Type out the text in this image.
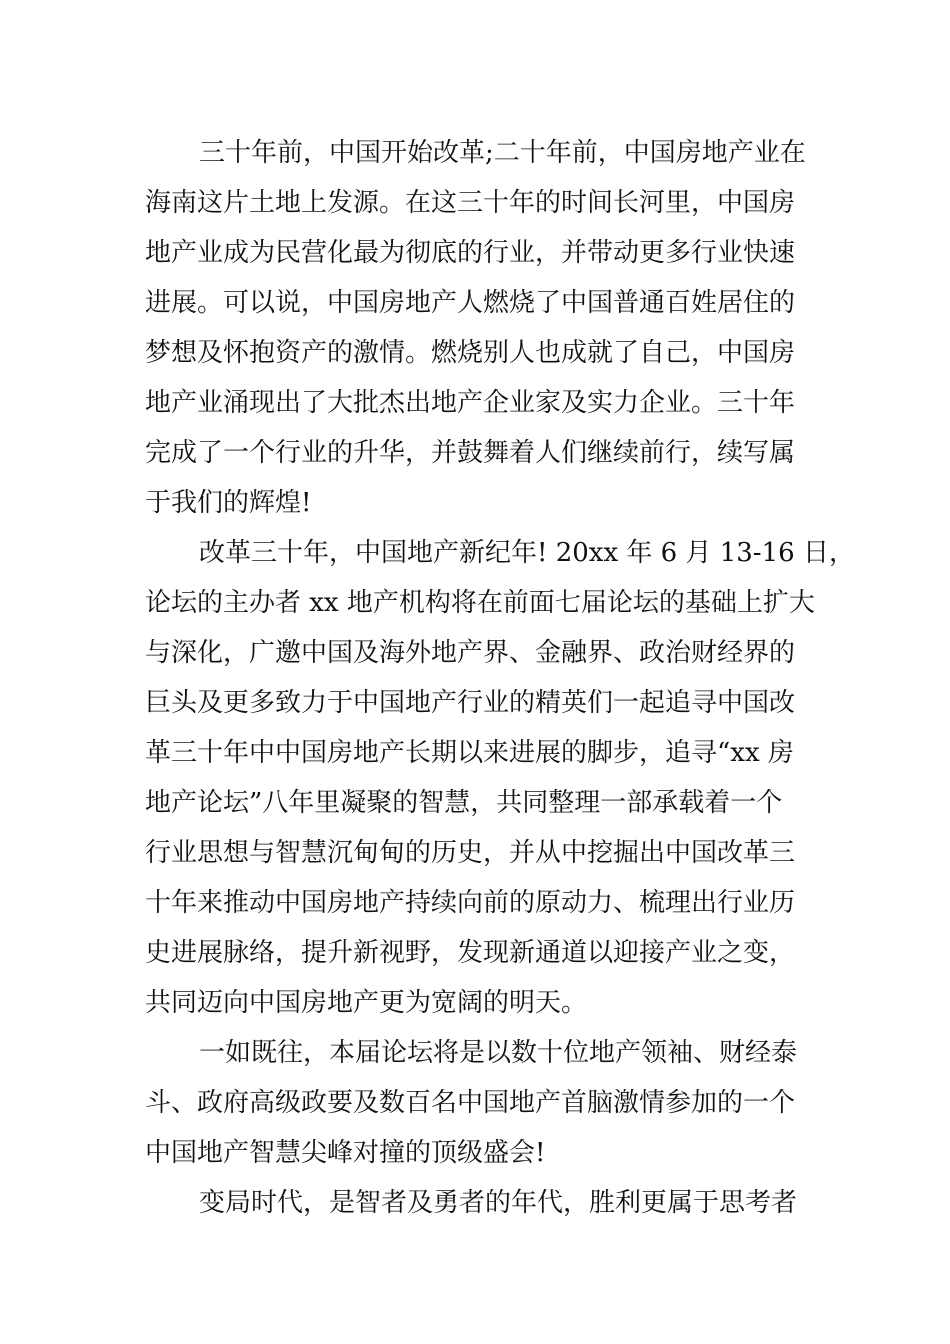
三十年前，中国开始改革;二十年前，中国房地产业在
海南这片土地上发源。在这三十年的时间长河里，中国房
地产业成为民营化最为彻底的行业，并带动更多行业快速
进展。可以说，中国房地产人燃烧了中国普通百姓居住的
梦想及怀抱资产的激情。燃烧别人也成就了自己，中国房
地产业涌现出了大批杰出地产企业家及实力企业。三十年
完成了一个行业的升华，并鼓舞着人们继续前行，续写属
于我们的辉煌!
改革三十年，中国地产新纪年! 20xx 年 6 月 13-16 日，
论坛的主办者 xx 地产机构将在前面七届论坛的基础上扩大
与深化，广邀中国及海外地产界、金融界、政治财经界的
巨头及更多致力于中国地产行业的精英们一起追寻中国改
革三十年中中国房地产长期以来进展的脚步，追寻“xx 房
地产论坛”八年里凝聚的智慧，共同整理一部承载着一个
行业思想与智慧沉甸甸的历史，并从中挖掘出中国改革三
十年来推动中国房地产持续向前的原动力、梳理出行业历
史进展脉络，提升新视野，发现新通道以迎接产业之变，
共同迈向中国房地产更为宽阔的明天。
一如既往，本届论坛将是以数十位地产领袖、财经泰
斗、政府高级政要及数百名中国地产首脑激情参加的一个
中国地产智慧尖峰对撞的顶级盛会!
变局时代，是智者及勇者的年代，胜利更属于思考者
